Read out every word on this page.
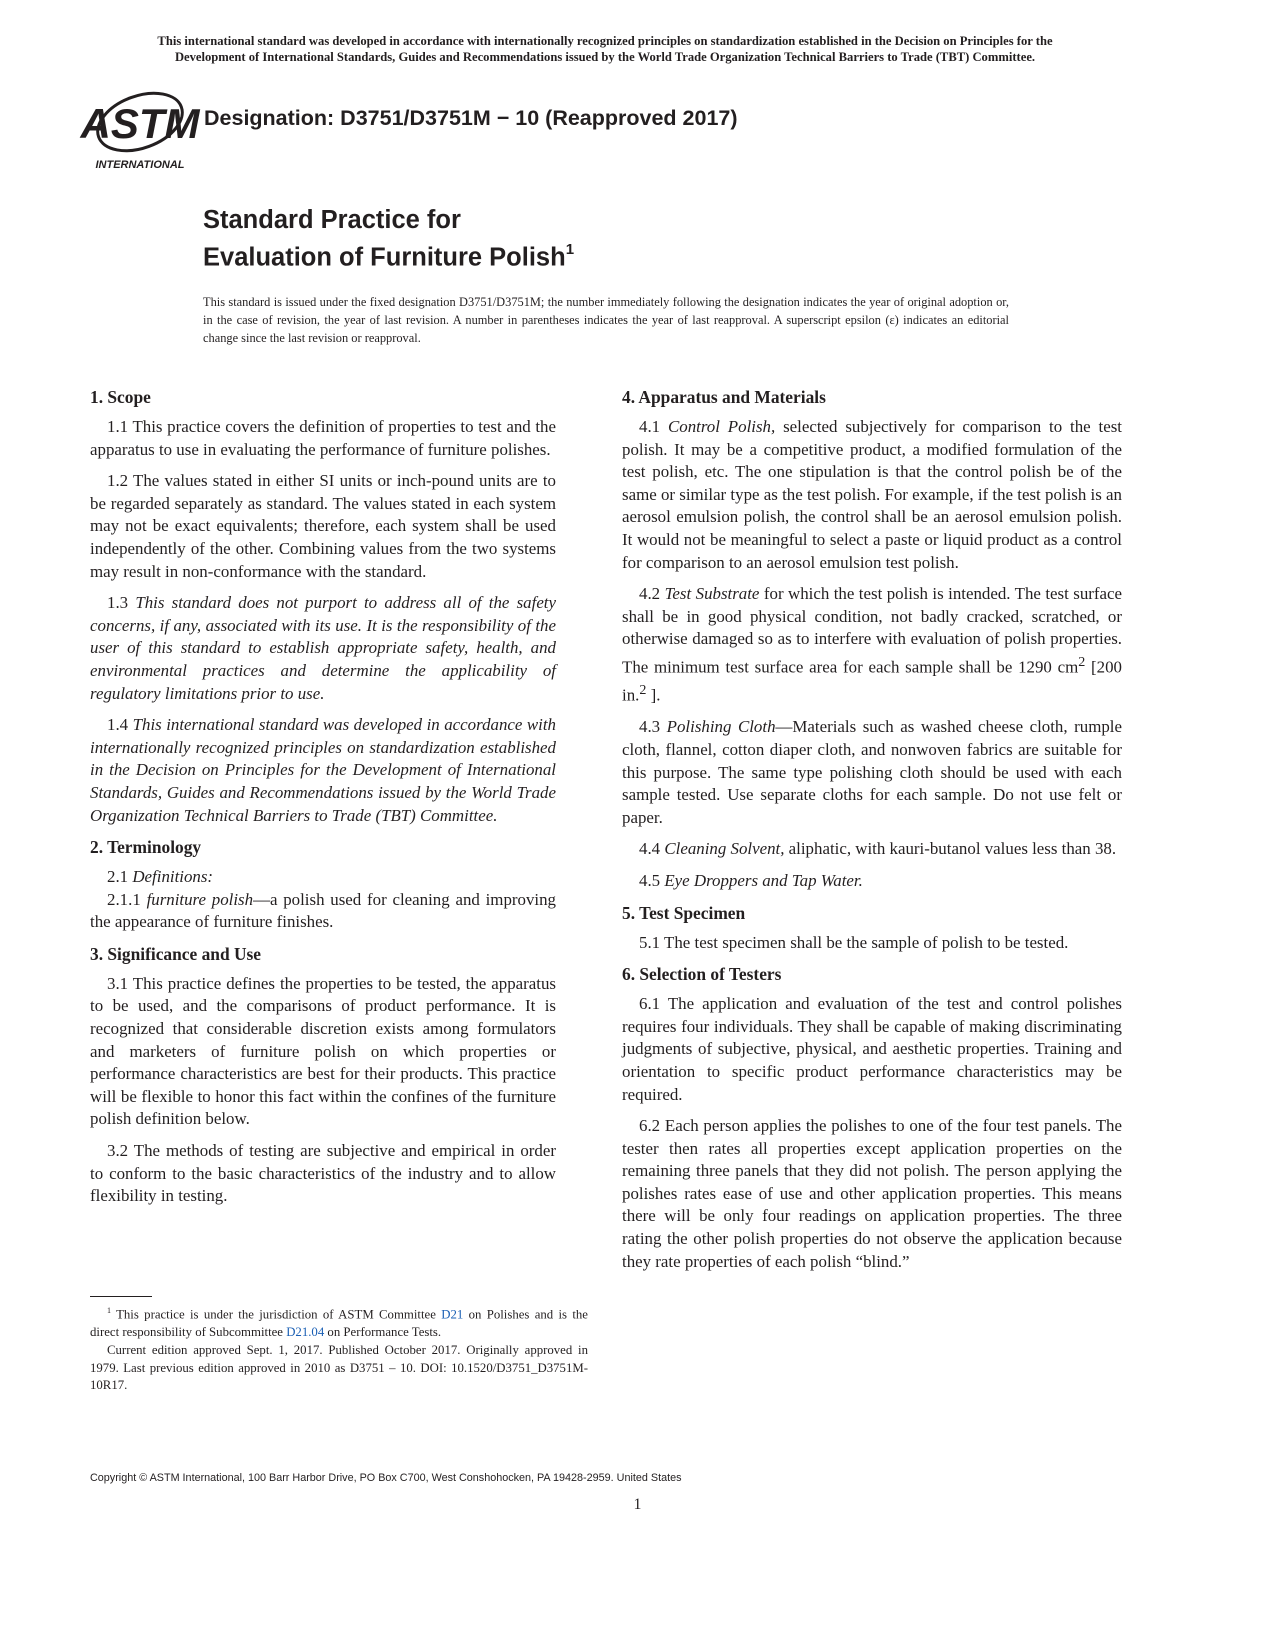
This international standard was developed in accordance with internationally recognized principles on standardization established in the Decision on Principles for the
Development of International Standards, Guides and Recommendations issued by the World Trade Organization Technical Barriers to Trade (TBT) Committee.
ASTM
INTERNATIONAL
Designation: D3751/D3751M − 10 (Reapproved 2017)
Standard Practice for
Evaluation of Furniture Polish$^1$
This standard is issued under the fixed designation D3751/D3751M; the number immediately following the designation indicates the year of original adoption or, in the case of revision, the year of last revision. A number in parentheses indicates the year of last reapproval. A superscript epsilon (ε) indicates an editorial change since the last revision or reapproval.
1. Scope

1.1 This practice covers the definition of properties to test and the apparatus to use in evaluating the performance of furniture polishes.

1.2 The values stated in either SI units or inch-pound units are to be regarded separately as standard. The values stated in each system may not be exact equivalents; therefore, each system shall be used independently of the other. Combining values from the two systems may result in non-conformance with the standard.

1.3 This standard does not purport to address all of the safety concerns, if any, associated with its use. It is the responsibility of the user of this standard to establish appropriate safety, health, and environmental practices and determine the applicability of regulatory limitations prior to use.

1.4 This international standard was developed in accordance with internationally recognized principles on standardization established in the Decision on Principles for the Development of International Standards, Guides and Recommendations issued by the World Trade Organization Technical Barriers to Trade (TBT) Committee.

2. Terminology

2.1 Definitions:

2.1.1 furniture polish—a polish used for cleaning and improving the appearance of furniture finishes.

3. Significance and Use

3.1 This practice defines the properties to be tested, the apparatus to be used, and the comparisons of product performance. It is recognized that considerable discretion exists among formulators and marketers of furniture polish on which properties or performance characteristics are best for their products. This practice will be flexible to honor this fact within the confines of the furniture polish definition below.

3.2 The methods of testing are subjective and empirical in order to conform to the basic characteristics of the industry and to allow flexibility in testing.

4. Apparatus and Materials

4.1 Control Polish, selected subjectively for comparison to the test polish. It may be a competitive product, a modified formulation of the test polish, etc. The one stipulation is that the control polish be of the same or similar type as the test polish. For example, if the test polish is an aerosol emulsion polish, the control shall be an aerosol emulsion polish. It would not be meaningful to select a paste or liquid product as a control for comparison to an aerosol emulsion test polish.

4.2 Test Substrate for which the test polish is intended. The test surface shall be in good physical condition, not badly cracked, scratched, or otherwise damaged so as to interfere with evaluation of polish properties. The minimum test surface area for each sample shall be 1290 $cm^2$ [200 in.$^2$ ].

4.3 Polishing Cloth—Materials such as washed cheese cloth, rumple cloth, flannel, cotton diaper cloth, and nonwoven fabrics are suitable for this purpose. The same type polishing cloth should be used with each sample tested. Use separate cloths for each sample. Do not use felt or paper.

4.4 Cleaning Solvent, aliphatic, with kauri-butanol values less than 38.

4.5 Eye Droppers and Tap Water.

5. Test Specimen

5.1 The test specimen shall be the sample of polish to be tested.

6. Selection of Testers

6.1 The application and evaluation of the test and control polishes requires four individuals. They shall be capable of making discriminating judgments of subjective, physical, and aesthetic properties. Training and orientation to specific product performance characteristics may be required.

6.2 Each person applies the polishes to one of the four test panels. The tester then rates all properties except application properties on the remaining three panels that they did not polish. The person applying the polishes rates ease of use and other application properties. This means there will be only four readings on application properties. The three rating the other polish properties do not observe the application because they rate properties of each polish “blind.”

$^1$ This practice is under the jurisdiction of ASTM Committee D21 on Polishes and is the direct responsibility of Subcommittee D21.04 on Performance Tests.

Current edition approved Sept. 1, 2017. Published October 2017. Originally approved in 1979. Last previous edition approved in 2010 as D3751 – 10. DOI: 10.1520/D3751_D3751M-10R17.

Copyright © ASTM International, 100 Barr Harbor Drive, PO Box C700, West Conshohocken, PA 19428-2959. United States
1
